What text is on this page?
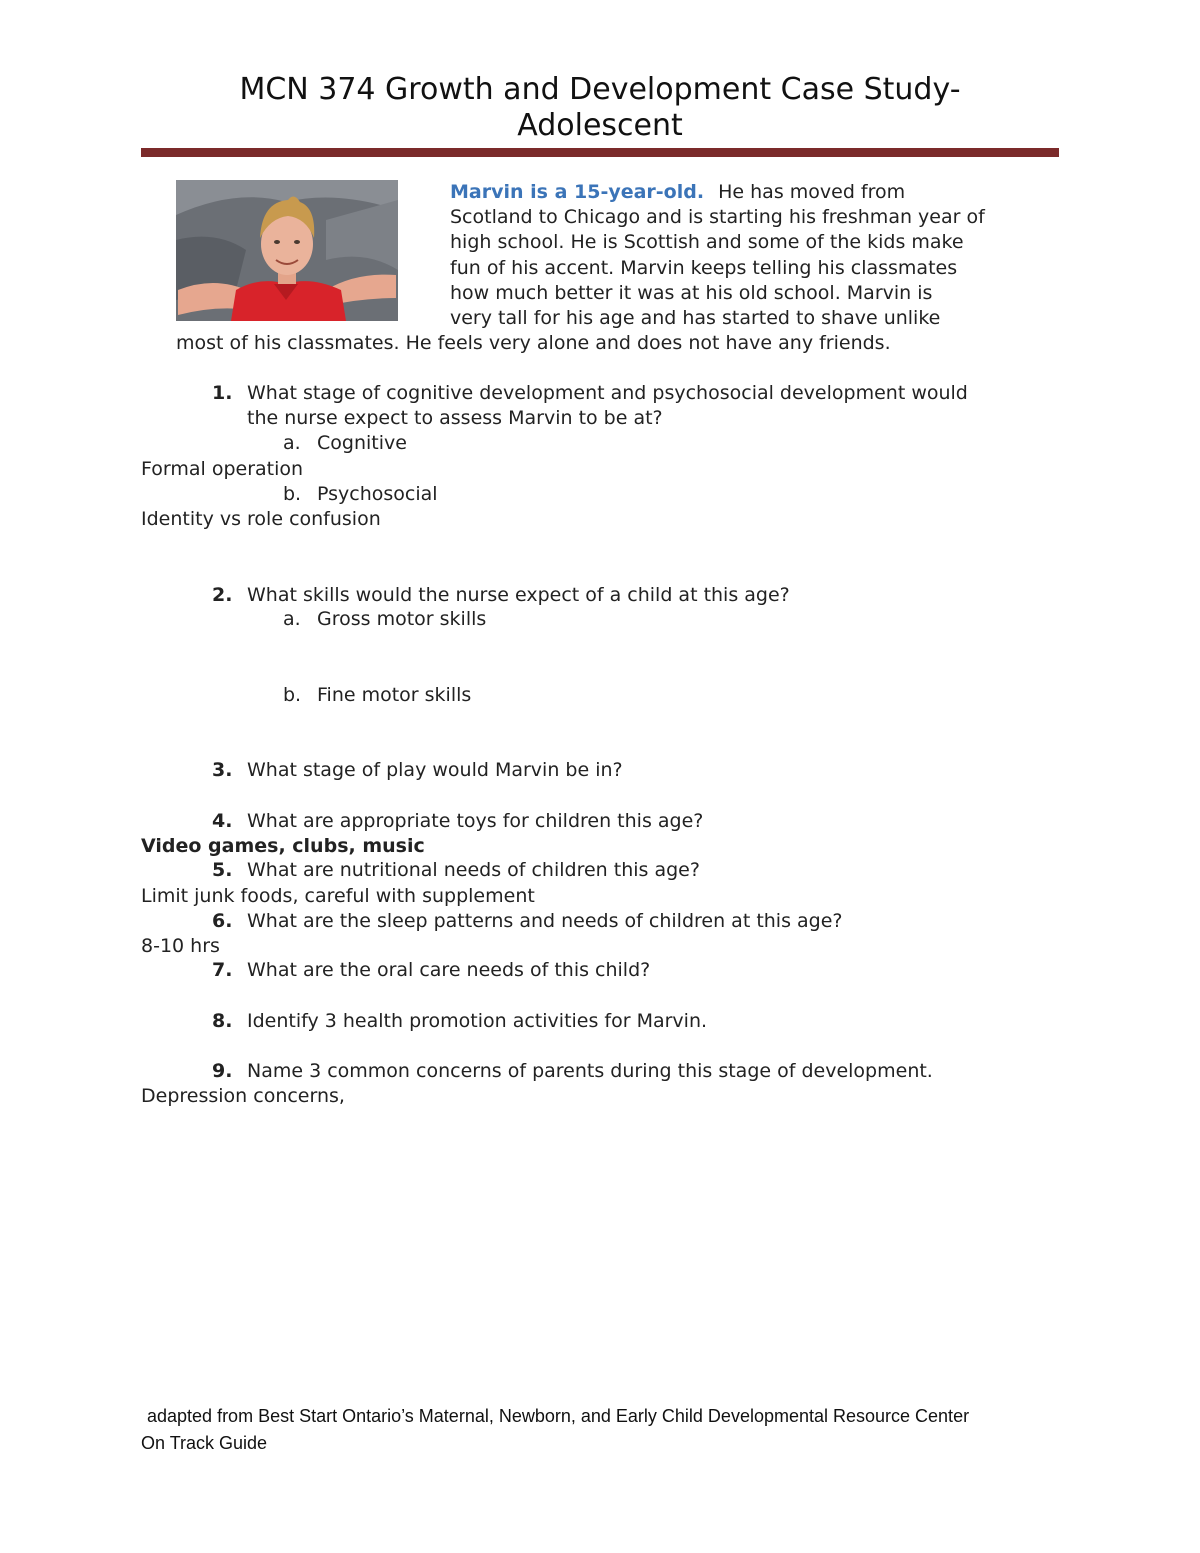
MCN 374 Growth and Development Case Study-
Adolescent
Marvin is a 15-year-old. He has moved from
Scotland to Chicago and is starting his freshman year of
high school. He is Scottish and some of the kids make
fun of his accent. Marvin keeps telling his classmates
how much better it was at his old school. Marvin is
very tall for his age and has started to shave unlike
most of his classmates. He feels very alone and does not have any friends.
1. What stage of cognitive development and psychosocial development would
the nurse expect to assess Marvin to be at?
a. Cognitive
Formal operation
b. Psychosocial
Identity vs role confusion
2. What skills would the nurse expect of a child at this age?
a. Gross motor skills
b. Fine motor skills
3. What stage of play would Marvin be in?
4. What are appropriate toys for children this age?
Video games, clubs, music
5. What are nutritional needs of children this age?
Limit junk foods, careful with supplement
6. What are the sleep patterns and needs of children at this age?
8-10 hrs
7. What are the oral care needs of this child?
8. Identify 3 health promotion activities for Marvin.
9. Name 3 common concerns of parents during this stage of development.
Depression concerns,
adapted from Best Start Ontario’s Maternal, Newborn, and Early Child Developmental Resource Center
On Track Guide
